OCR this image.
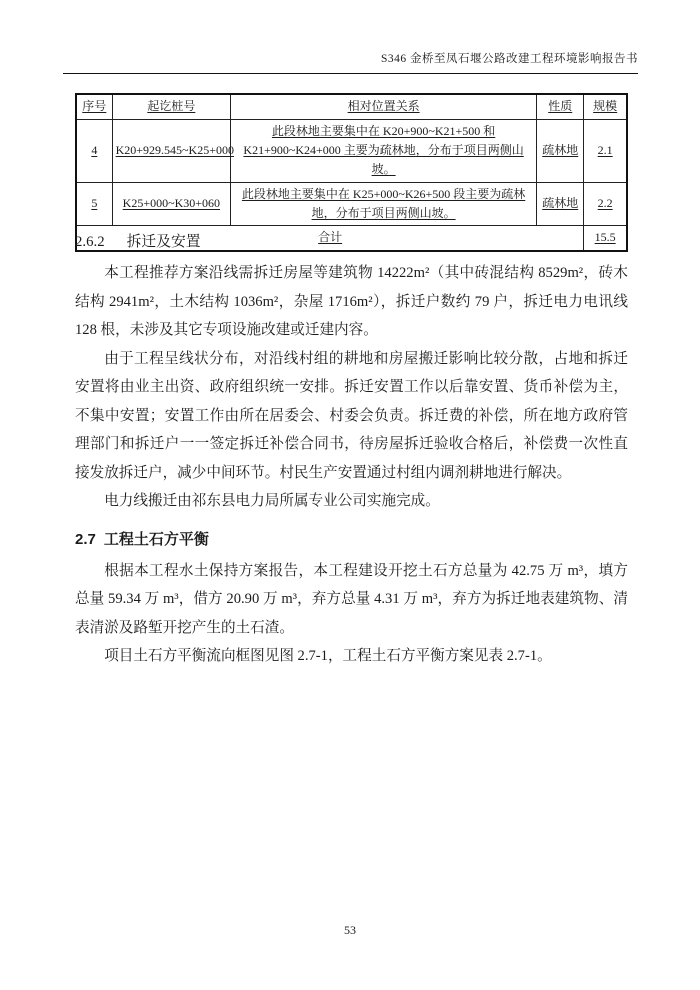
S346 金桥至凤石堰公路改建工程环境影响报告书
序号	起讫桩号	相对位置关系	性质	规模
4	K20+929.545~K25+000	此段林地主要集中在 K20+900~K21+500 和 K21+900~K24+000 主要为疏林地，分布于项目两侧山坡。	疏林地	2.1
5	K25+000~K30+060	此段林地主要集中在 K25+000~K26+500 段主要为疏林地，分布于项目两侧山坡。	疏林地	2.2
合计				15.5
2.6.2 拆迁及安置

本工程推荐方案沿线需拆迁房屋等建筑物 14222m²（其中砖混结构 8529m²，砖木结构 2941m²，土木结构 1036m²，杂屋 1716m²），拆迁户数约 79 户，拆迁电力电讯线 128 根，未涉及其它专项设施改建或迁建内容。

由于工程呈线状分布，对沿线村组的耕地和房屋搬迁影响比较分散，占地和拆迁安置将由业主出资、政府组织统一安排。拆迁安置工作以后靠安置、货币补偿为主，不集中安置；安置工作由所在居委会、村委会负责。拆迁费的补偿，所在地方政府管理部门和拆迁户一一签定拆迁补偿合同书，待房屋拆迁验收合格后，补偿费一次性直接发放拆迁户，减少中间环节。村民生产安置通过村组内调剂耕地进行解决。

电力线搬迁由祁东县电力局所属专业公司实施完成。

2.7 工程土石方平衡

根据本工程水土保持方案报告，本工程建设开挖土石方总量为 42.75 万 m³，填方总量 59.34 万 m³，借方 20.90 万 m³，弃方总量 4.31 万 m³，弃方为拆迁地表建筑物、清表清淤及路堑开挖产生的土石渣。

项目土石方平衡流向框图见图 2.7-1，工程土石方平衡方案见表 2.7-1。

53
